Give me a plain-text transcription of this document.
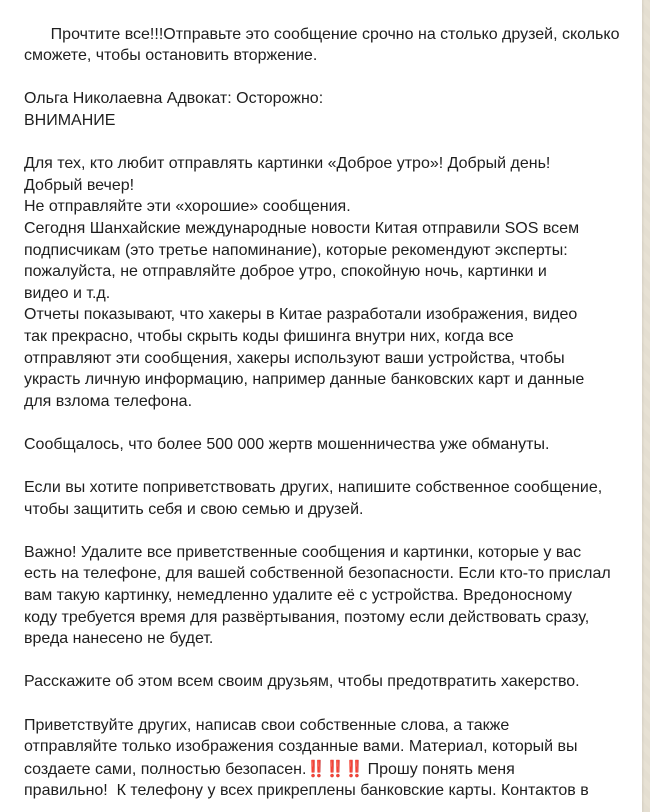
Прочтите все!!!Отправьте это сообщение срочно на столько друзей, сколько
сможете, чтобы остановить вторжение.

Ольга Николаевна Адвокат: Осторожно:
ВНИМАНИЕ

Для тех, кто любит отправлять картинки «Доброе утро»! Добрый день!
Добрый вечер!
Не отправляйте эти «хорошие» сообщения.
Сегодня Шанхайские международные новости Китая отправили SOS всем
подписчикам (это третье напоминание), которые рекомендуют эксперты:
пожалуйста, не отправляйте доброе утро, спокойную ночь, картинки и
видео и т.д.
Отчеты показывают, что хакеры в Китае разработали изображения, видео
так прекрасно, чтобы скрыть коды фишинга внутри них, когда все
отправляют эти сообщения, хакеры используют ваши устройства, чтобы
украсть личную информацию, например данные банковских карт и данные
для взлома телефона.

Сообщалось, что более 500 000 жертв мошенничества уже обмануты.

Если вы хотите поприветствовать других, напишите собственное сообщение,
чтобы защитить себя и свою семью и друзей.

Важно! Удалите все приветственные сообщения и картинки, которые у вас
есть на телефоне, для вашей собственной безопасности. Если кто-то прислал
вам такую картинку, немедленно удалите её с устройства. Вредоносному
коду требуется время для развёртывания, поэтому если действовать сразу,
вреда нанесено не будет.

Расскажите об этом всем своим друзьям, чтобы предотвратить хакерство.

Приветствуйте других, написав свои собственные слова, а также
отправляйте только изображения созданные вами. Материал, который вы
создаете сами, полностью безопасен.‼️‼️‼️ Прошу понять меня
правильно!  К телефону у всех прикреплены банковские карты. Контактов в
